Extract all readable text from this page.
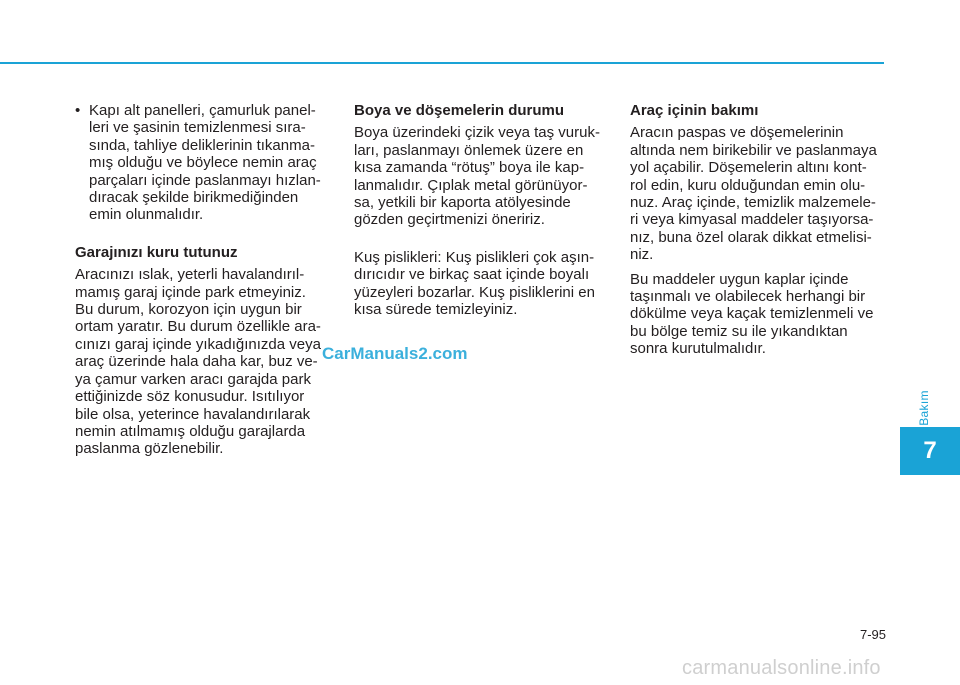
• Kapı alt panelleri, çamurluk panel-

leri ve şasinin temizlenmesi sıra-

sında, tahliye deliklerinin tıkanma-

mış olduğu ve böylece nemin araç

parçaları içinde paslanmayı hızlan-

dıracak şekilde birikmediğinden

emin olunmalıdır.

Garajınızı kuru tutunuz

Aracınızı ıslak, yeterli havalandırıl-

mamış garaj içinde park etmeyiniz.

Bu durum, korozyon için uygun bir

ortam yaratır. Bu durum özellikle ara-

cınızı garaj içinde yıkadığınızda veya

araç üzerinde hala daha kar, buz ve-

ya çamur varken aracı garajda park

ettiğinizde söz konusudur. Isıtılıyor

bile olsa, yeterince havalandırılarak

nemin atılmamış olduğu garajlarda

paslanma gözlenebilir.

Boya ve döşemelerin durumu

Boya üzerindeki çizik veya taş vuruk-

ları, paslanmayı önlemek üzere en

kısa zamanda “rötuş” boya ile kap-

lanmalıdır. Çıplak metal görünüyor-

sa, yetkili bir kaporta atölyesinde

gözden geçirtmenizi öneririz.

Kuş pislikleri: Kuş pislikleri çok aşın-

dırıcıdır ve birkaç saat içinde boyalı

yüzeyleri bozarlar. Kuş pisliklerini en

kısa sürede temizleyiniz.

Araç içinin bakımı

Aracın paspas ve döşemelerinin

altında nem birikebilir ve paslanmaya

yol açabilir. Döşemelerin altını kont-

rol edin, kuru olduğundan emin olu-

nuz. Araç içinde, temizlik malzemele-

ri veya kimyasal maddeler taşıyorsa-

nız, buna özel olarak dikkat etmelisi-

niz.

Bu maddeler uygun kaplar içinde

taşınmalı ve olabilecek herhangi bir

dökülme veya kaçak temizlenmeli ve

bu bölge temiz su ile yıkandıktan

sonra kurutulmalıdır.

Bakım
7
7-95
CarManuals2.com
carmanualsonline.info
